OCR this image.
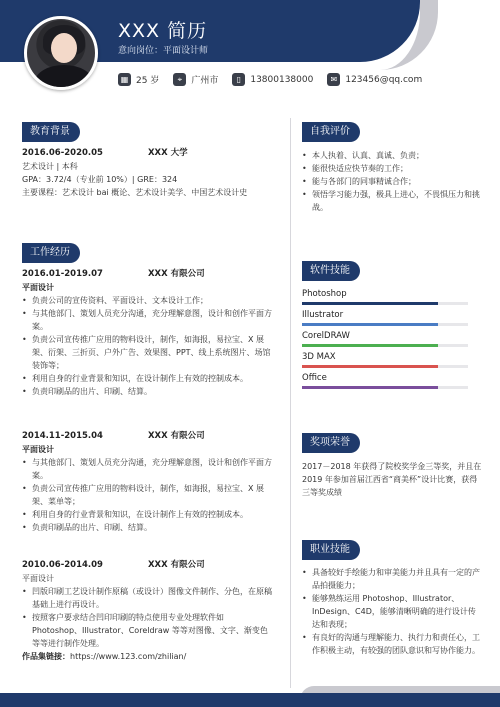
XXX 简历
意向岗位：平面设计师
▦ 25 岁	⌖	广州市	▯	13800138000	✉ 123456@qq.com
教育背景
2016.06-2020.05	XXX 大学
艺术设计 | 本科
GPA：3.72/4（专业前 10%）| GRE：324
主要课程：艺术设计 bai 概论、艺术设计美学、中国艺术设计史
工作经历
2016.01-2019.07	XXX 有限公司
平面设计
• 负责公司的宣传资料、平面设计、文本设计工作；
• 与其他部门、策划人员充分沟通，充分理解意图，设计和创作平面方案。
• 负责公司宣传推广应用的物料设计，制作，如海报，易拉宝、X 展架、衍架、三折页、户外广告、效果图、PPT、线上系统图片、场馆装饰等；
• 利用自身的行业背景和知识，在设计制作上有效的控制成本。
• 负责印刷品的出片、印刷、结算。
2014.11-2015.04	XXX 有限公司
平面设计
• 与其他部门、策划人员充分沟通，充分理解意图，设计和创作平面方案。
• 负责公司宣传推广应用的物料设计，制作，如海报，易拉宝、X 展架、菜单等；
• 利用自身的行业背景和知识，在设计制作上有效的控制成本。
• 负责印刷品的出片、印刷、结算。
2010.06-2014.09	XXX 有限公司
平面设计
• 凹版印刷工艺设计制作原稿（或设计）图像文件制作、分色，在原稿基础上进行再设计。
• 按照客户要求结合凹印印刷的特点使用专业处理软件如 Photoshop、Illustrator、Coreldraw 等等对图像、文字、渐变色等等进行制作处理。
作品集链接：https://www.123.com/zhilian/
自我评价
• 本人执着、认真、真诚、负责；
• 能很快适应快节奏的工作；
• 能与各部门的同事精诚合作；
• 领悟学习能力强，极具上进心，不畏惧压力和挑战。
软件技能
Photoshop
Illustrator
CorelDRAW
3D MAX
Office
奖项荣誉
2017－2018 年获得了院校奖学金三等奖，并且在 2019 年参加首届江西省“商美杯”设计比赛，获得三等奖成绩
职业技能
• 具备较好手绘能力和审美能力并且具有一定的产品拍摄能力；
• 能够熟练运用 Photoshop、Illustrator、InDesign、C4D，能够清晰明确的进行设计传达和表现；
• 有良好的沟通与理解能力、执行力和责任心，工作积极主动，有较强的团队意识和写协作能力。
